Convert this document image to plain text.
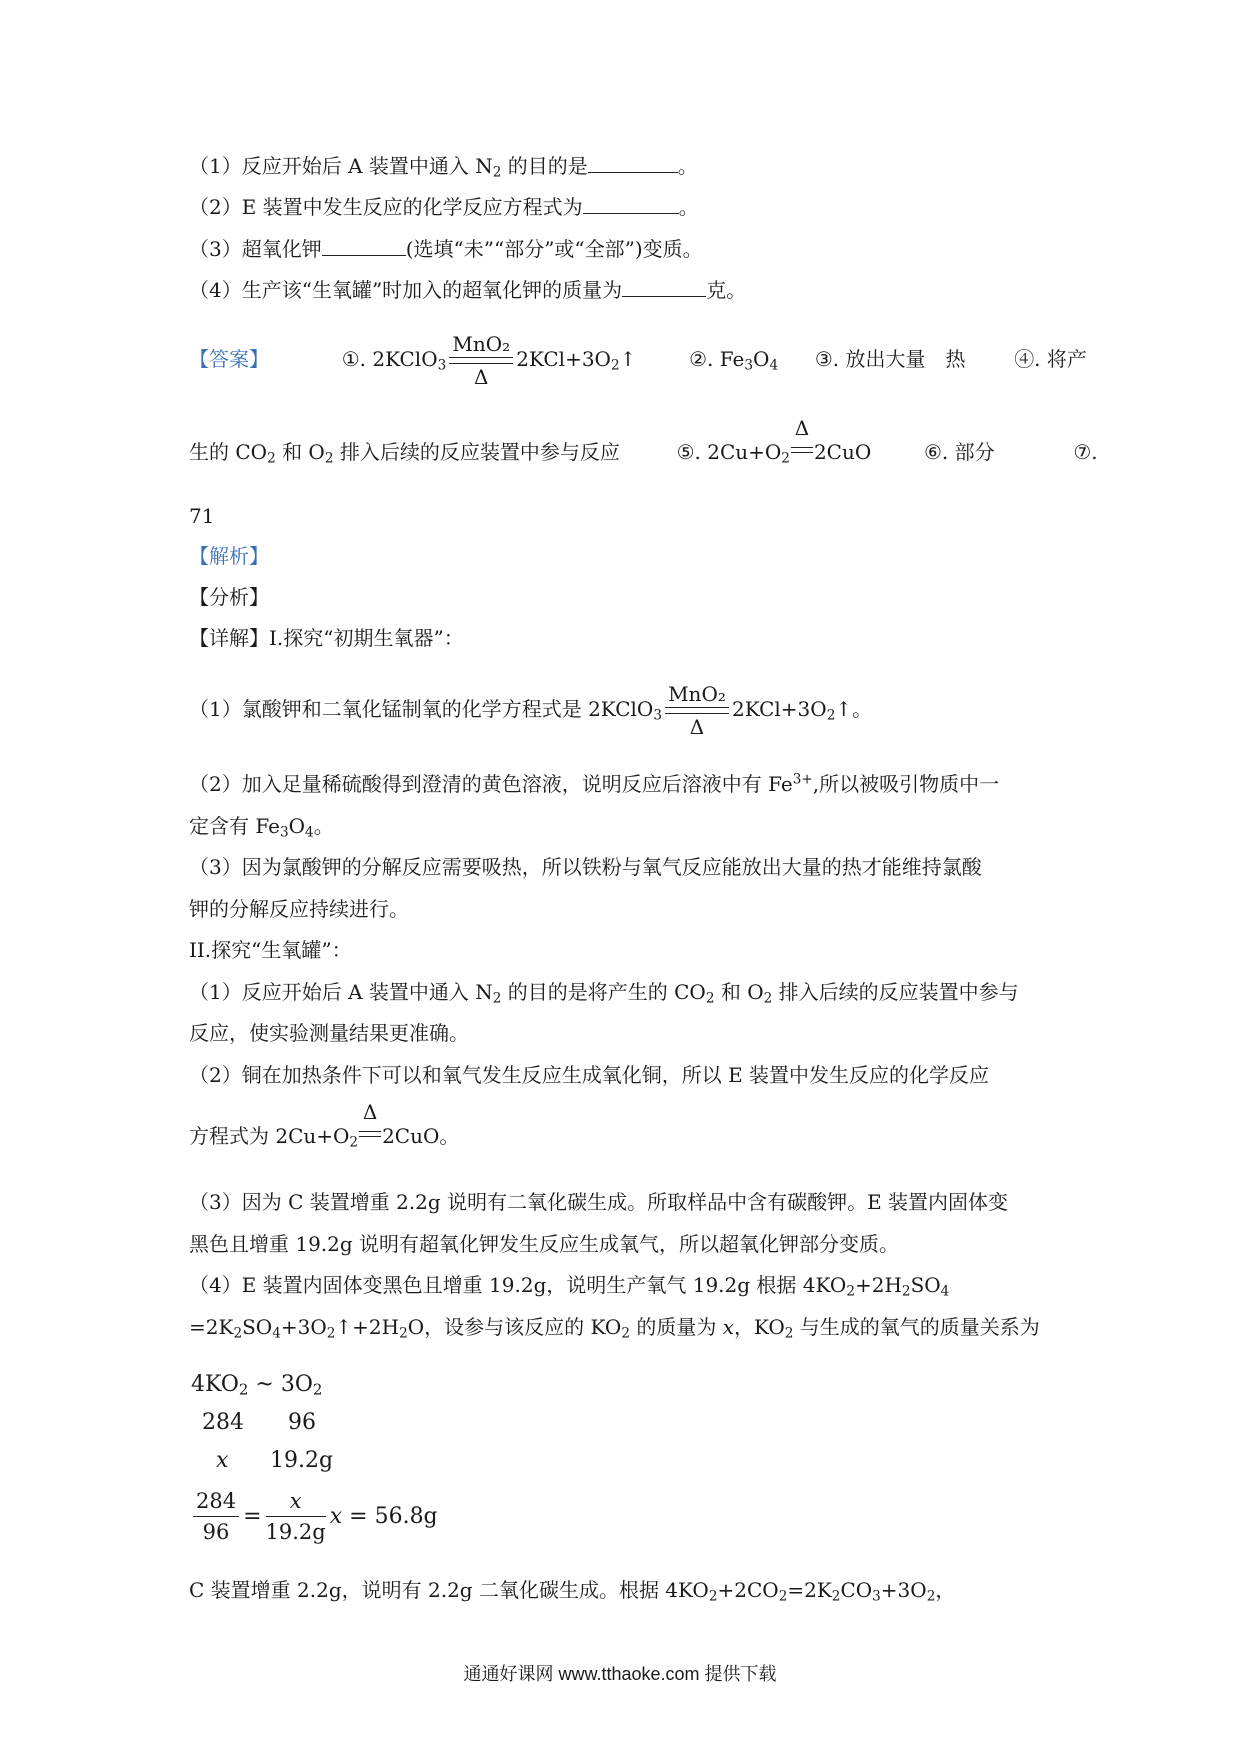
（1）反应开始后 A 装置中通入 $N_2$ 的目的是	。
（2）E 装置中发生反应的化学反应方程式为	。
（3）超氧化钾	(选填“未”“部分”或“全部”)变质。
（4）生产该“生氧罐”时加入的超氧化钾的质量为	克。
【答案】	①. 2KClO$_3$
MnO₂
Δ
$2KCl+3O_2↑$	②. $Fe_3O_4$ ③. 放出大量　热 ④. 将产
生的 $CO_2$ 和 $O_2$ 排入后续的反应装置中参与反应	⑤. $2Cu+O_2$
Δ
2CuO	⑥. 部分	⑦.
71
【解析】
【分析】
【详解】I.探究“初期生氧器”：
（1）氯酸钾和二氧化锰制氧的化学方程式是 2KClO$_3$
MnO₂
Δ
$2KCl+3O_2↑$。
（2）加入足量稀硫酸得到澄清的黄色溶液，说明反应后溶液中有 $Fe^{3+}$,所以被吸引物质中一
定含有 $Fe_3O_4$。
（3）因为氯酸钾的分解反应需要吸热，所以铁粉与氧气反应能放出大量的热才能维持氯酸
钾的分解反应持续进行。
II.探究“生氧罐”：
（1）反应开始后 A 装置中通入 $N_2$ 的目的是将产生的 $CO_2$ 和 $O_2$ 排入后续的反应装置中参与
反应，使实验测量结果更准确。
（2）铜在加热条件下可以和氧气发生反应生成氧化铜，所以 E 装置中发生反应的化学反应
方程式为 $2Cu+O_2$
Δ
2CuO。
（3）因为 C 装置增重 2.2g 说明有二氧化碳生成。所取样品中含有碳酸钾。E 装置内固体变
黑色且增重 19.2g 说明有超氧化钾发生反应生成氧气，所以超氧化钾部分变质。
（4）E 装置内固体变黑色且增重 19.2g，说明生产氧气 19.2g 根据 $4KO_2+2H_2SO_4$
$=2K_2SO_4+3O_2↑+2H_2O$，设参与该反应的 $KO_2$ 的质量为 x，$KO_2$ 与生成的氧气的质量关系为
$4KO_2$ ~ $3O_2$
284 96
x 19.2g
$\frac{284}{96} = \frac{x}{19.2g}$ x = 56.8g
C 装置增重 2.2g，说明有 2.2g 二氧化碳生成。根据 $4KO_2+2CO_2=2K_2CO_3+3O_2$，
通通好课网 www.tthaoke.com 提供下载
